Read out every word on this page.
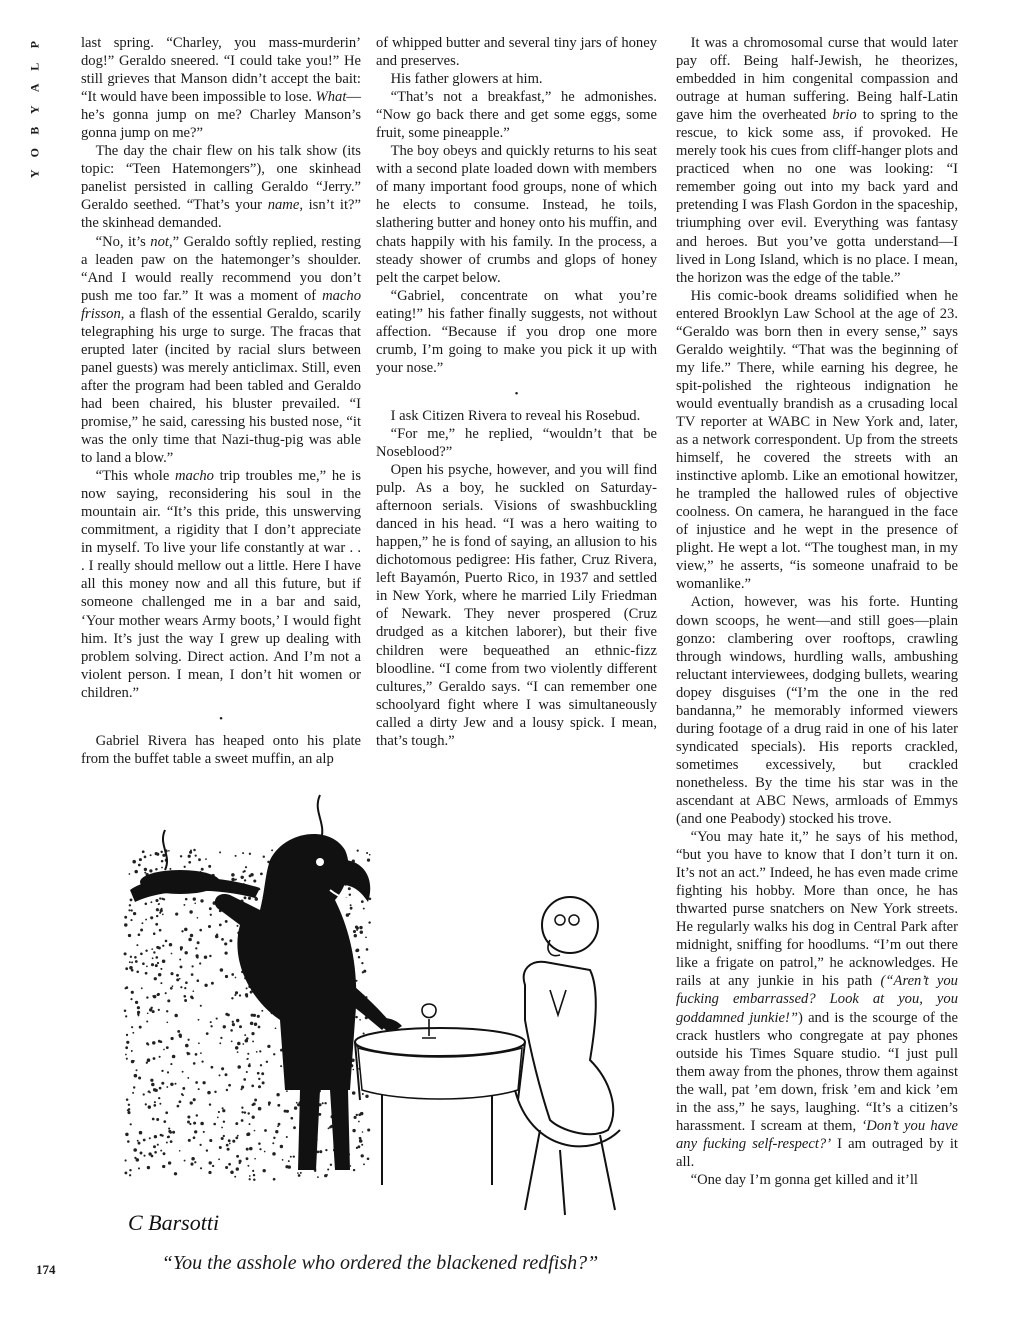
P
L
A
Y
B
O
Y

last spring. “Charley, you mass-murderin’ dog!” Geraldo sneered. “I could take you!” He still grieves that Manson didn’t accept the bait: “It would have been impossible to lose. What—he’s gonna jump on me? Charley Manson’s gonna jump on me?”

The day the chair flew on his talk show (its topic: “Teen Hatemongers”), one skinhead panelist persisted in calling Geraldo “Jerry.” Geraldo seethed. “That’s your name, isn’t it?” the skinhead demanded.

“No, it’s not,” Geraldo softly replied, resting a leaden paw on the hatemonger’s shoulder. “And I would really recommend you don’t push me too far.” It was a moment of macho frisson, a flash of the essential Geraldo, scarily telegraphing his urge to surge. The fracas that erupted later (incited by racial slurs between panel guests) was merely anticlimax. Still, even after the program had been tabled and Geraldo had been chaired, his bluster prevailed. “I promise,” he said, caressing his busted nose, “it was the only time that Nazi-thug-pig was able to land a blow.”

“This whole macho trip troubles me,” he is now saying, reconsidering his soul in the mountain air. “It’s this pride, this unswerving commitment, a rigidity that I don’t appreciate in myself. To live your life constantly at war . . . I really should mellow out a little. Here I have all this money now and all this future, but if someone challenged me in a bar and said, ‘Your mother wears Army boots,’ I would fight him. It’s just the way I grew up dealing with problem solving. Direct action. And I’m not a violent person. I mean, I don’t hit women or children.”

•

Gabriel Rivera has heaped onto his plate from the buffet table a sweet muffin, an alp

of whipped butter and several tiny jars of honey and preserves.

His father glowers at him.

“That’s not a breakfast,” he admonishes. “Now go back there and get some eggs, some fruit, some pineapple.”

The boy obeys and quickly returns to his seat with a second plate loaded down with members of many important food groups, none of which he elects to consume. Instead, he toils, slathering butter and honey onto his muffin, and chats happily with his family. In the process, a steady shower of crumbs and glops of honey pelt the carpet below.

“Gabriel, concentrate on what you’re eating!” his father finally suggests, not without affection. “Because if you drop one more crumb, I’m going to make you pick it up with your nose.”

•

I ask Citizen Rivera to reveal his Rosebud.

“For me,” he replied, “wouldn’t that be Noseblood?”

Open his psyche, however, and you will find pulp. As a boy, he suckled on Saturday-afternoon serials. Visions of swashbuckling danced in his head. “I was a hero waiting to happen,” he is fond of saying, an allusion to his dichotomous pedigree: His father, Cruz Rivera, left Bayamón, Puerto Rico, in 1937 and settled in New York, where he married Lily Friedman of Newark. They never prospered (Cruz drudged as a kitchen laborer), but their five children were bequeathed an ethnic-fizz bloodline. “I come from two violently different cultures,” Geraldo says. “I can remember one schoolyard fight where I was simultaneously called a dirty Jew and a lousy spick. I mean, that’s tough.”

It was a chromosomal curse that would later pay off. Being half-Jewish, he theorizes, embedded in him congenital compassion and outrage at human suffering. Being half-Latin gave him the overheated brio to spring to the rescue, to kick some ass, if provoked. He merely took his cues from cliff-hanger plots and practiced when no one was looking: “I remember going out into my back yard and pretending I was Flash Gordon in the spaceship, triumphing over evil. Everything was fantasy and heroes. But you’ve gotta understand—I lived in Long Island, which is no place. I mean, the horizon was the edge of the table.”

His comic-book dreams solidified when he entered Brooklyn Law School at the age of 23. “Geraldo was born then in every sense,” says Geraldo weightily. “That was the beginning of my life.” There, while earning his degree, he spit-polished the righteous indignation he would eventually brandish as a crusading local TV reporter at WABC in New York and, later, as a network correspondent. Up from the streets himself, he covered the streets with an instinctive aplomb. Like an emotional howitzer, he trampled the hallowed rules of objective coolness. On camera, he harangued in the face of injustice and he wept in the presence of plight. He wept a lot. “The toughest man, in my view,” he asserts, “is someone unafraid to be womanlike.”

Action, however, was his forte. Hunting down scoops, he went—and still goes—plain gonzo: clambering over rooftops, crawling through windows, hurdling walls, ambushing reluctant interviewees, dodging bullets, wearing dopey disguises (“I’m the one in the red bandanna,” he memorably informed viewers during footage of a drug raid in one of his later syndicated specials). His reports crackled, sometimes excessively, but crackled nonetheless. By the time his star was in the ascendant at ABC News, armloads of Emmys (and one Peabody) stocked his trove.

“You may hate it,” he says of his method, “but you have to know that I don’t turn it on. It’s not an act.” Indeed, he has even made crime fighting his hobby. More than once, he has thwarted purse snatchers on New York streets. He regularly walks his dog in Central Park after midnight, sniffing for hoodlums. “I’m out there like a frigate on patrol,” he acknowledges. He rails at any junkie in his path (“Aren’t you fucking embarrassed? Look at you, you goddamned junkie!”) and is the scourge of the crack hustlers who congregate at pay phones outside his Times Square studio. “I just pull them away from the phones, throw them against the wall, pat ’em down, frisk ’em and kick ’em in the ass,” he says, laughing. “It’s a citizen’s harassment. I scream at them, ‘Don’t you have any fucking self-respect?’ I am outraged by it all.

“One day I’m gonna get killed and it’ll

C Barsotti
“You the asshole who ordered the blackened redfish?”
174
